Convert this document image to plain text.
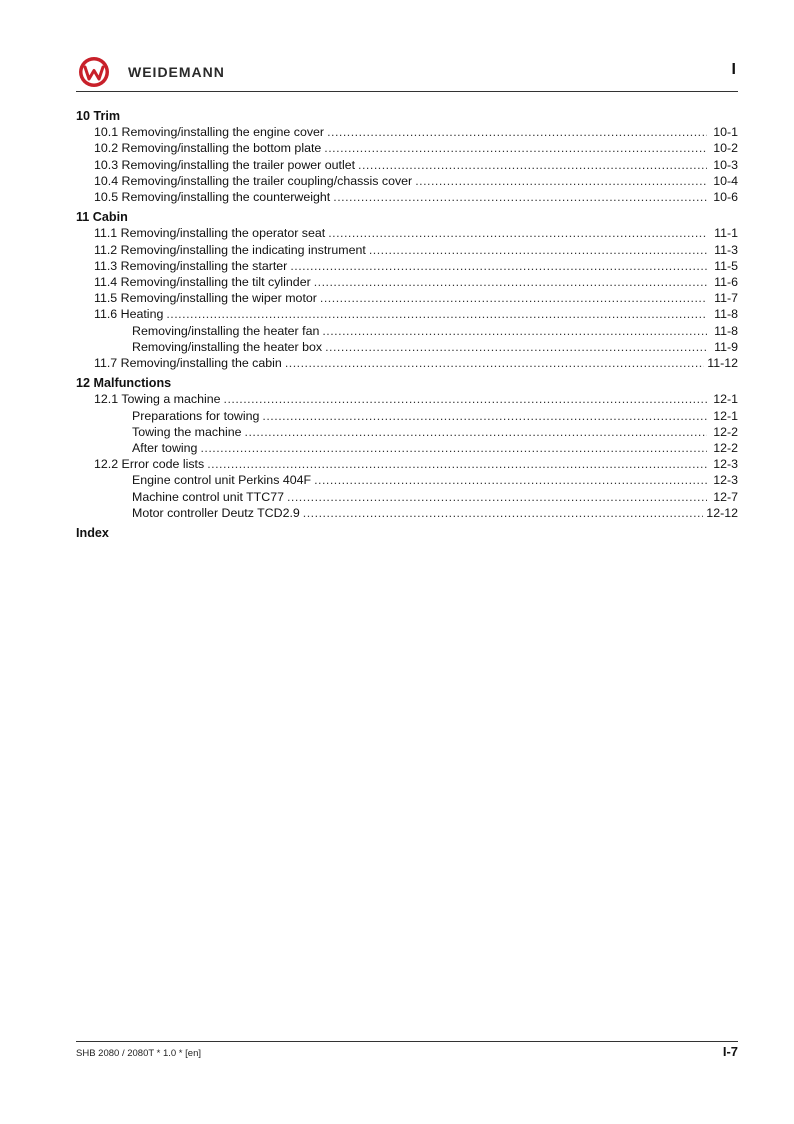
WEIDEMANN	I
10 Trim
10.1 Removing/installing the engine cover .....	10-1
10.2 Removing/installing the bottom plate .....	10-2
10.3 Removing/installing the trailer power outlet .....	10-3
10.4 Removing/installing the trailer coupling/chassis cover .....	10-4
10.5 Removing/installing the counterweight .....	10-6
11 Cabin
11.1 Removing/installing the operator seat .....	11-1
11.2 Removing/installing the indicating instrument .....	11-3
11.3 Removing/installing the starter .....	11-5
11.4 Removing/installing the tilt cylinder .....	11-6
11.5 Removing/installing the wiper motor .....	11-7
11.6 Heating .....	11-8
Removing/installing the heater fan .....	11-8
Removing/installing the heater box .....	11-9
11.7 Removing/installing the cabin .....	11-12
12 Malfunctions
12.1 Towing a machine .....	12-1
Preparations for towing .....	12-1
Towing the machine .....	12-2
After towing .....	12-2
12.2 Error code lists .....	12-3
Engine control unit Perkins 404F .....	12-3
Machine control unit TTC77 .....	12-7
Motor controller Deutz TCD2.9 .....	12-12
Index
SHB 2080 / 2080T * 1.0 * [en]	I-7
